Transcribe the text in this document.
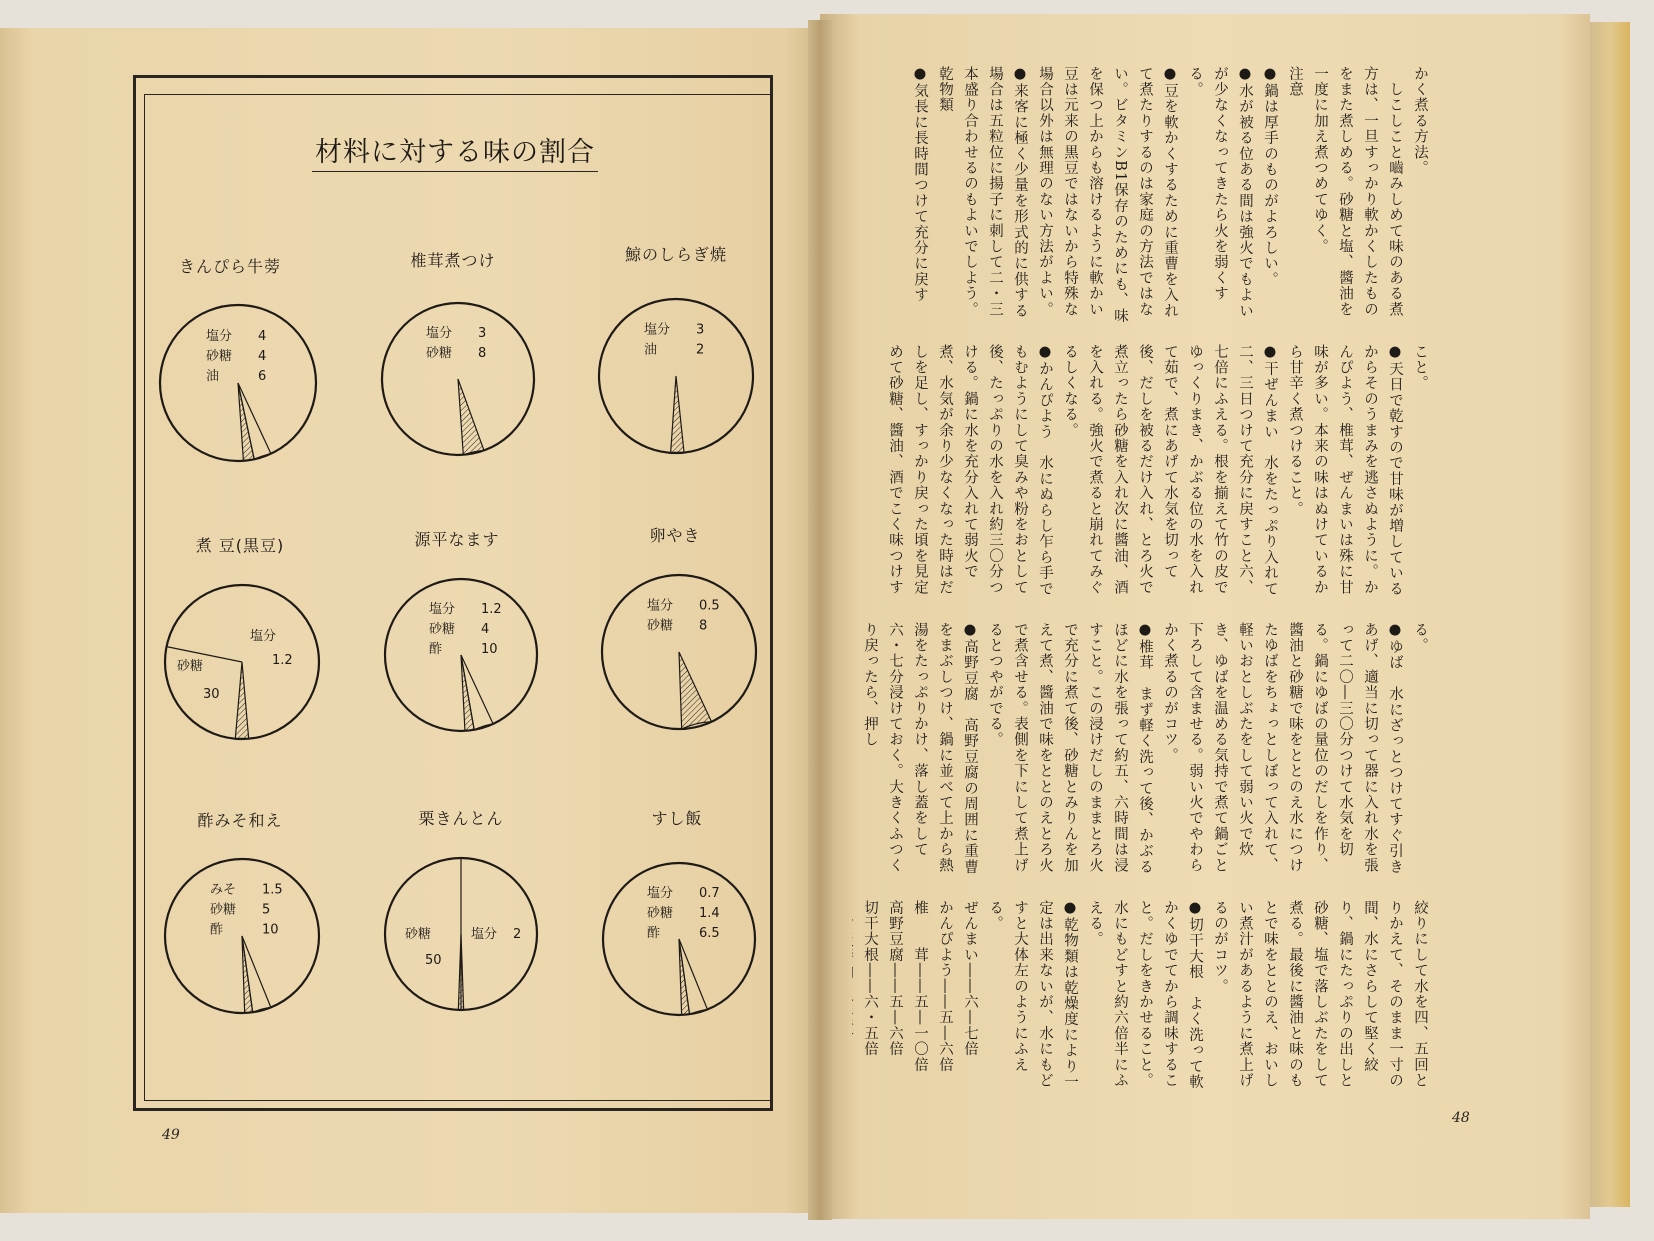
材料に対する味の割合
きんぴら牛蒡	椎茸煮つけ	鯨のしらぎ焼
煮 豆(黒豆)	源平なます	卵やき
酢みそ和え	栗きんとん	すし飯
塩分 4
砂糖 4
油	6
塩分 3
砂糖 8
塩分 3
油	2
塩分
1.2
砂糖
30
塩分 1.2
砂糖 4
酢	10
塩分 0.5
砂糖 8
みそ 1.5
砂糖 5
酢	10	砂糖
50
塩分 2
塩分 0.7
砂糖 1.4
酢	6.5
49
48
かく煮る方法。
　しこしこと嚙みしめて味のある煮方は、一旦すっかり軟かくしたものをまた煮しめる。砂糖と塩、醬油を一度に加え煮つめてゆく。
注意
●鍋は厚手のものがよろしい。
●水が被る位ある間は強火でもよいが少なくなってきたら火を弱くする。
●豆を軟かくするために重曹を入れて煮たりするのは家庭の方法ではない。ビタミンB1保存のためにも、味を保つ上からも溶けるように軟かい豆は元来の黒豆ではないから特殊な場合以外は無理のない方法がよい。
●来客に極く少量を形式的に供する場合は五粒位に揚子に刺して二・三本盛り合わせるのもよいでしよう。
乾物類
●気長に長時間つけて充分に戻す
こと。
●天日で乾すので甘味が増しているからそのうまみを逃さぬように。かんぴよう、椎茸、ぜんまいは殊に甘味が多い。本来の味はぬけているから甘辛く煮つけること。
●干ぜんまい　水をたっぷり入れて二、三日つけて充分に戻すこと六、七倍にふえる。根を揃えて竹の皮でゆっくりまき、かぶる位の水を入れて茹で、煮にあげて水気を切って後、だしを被るだけ入れ、とろ火で煮立ったら砂糖を入れ次に醬油、酒を入れる。強火で煮ると崩れてみぐるしくなる。
●かんぴよう　水にぬらし乍ら手でもむようにして臭みや粉をおとして後、たっぷりの水を入れ約三〇分つける。鍋に水を充分入れて弱火で煮、水気が余り少なくなった時はだしを足し、すっかり戻った頃を見定めて砂糖、醬油、酒でこく味つけす
る。
●ゆば　水にざっとつけてすぐ引きあげ、適当に切って器に入れ水を張って二〇―三〇分つけて水気を切る。鍋にゆばの量位のだしを作り、醬油と砂糖で味をととのえ水につけたゆばをちょっとしぼって入れて、軽いおとしぶたをして弱い火で炊き、ゆばを温める気持で煮て鍋ごと下ろして含ませる。弱い火でやわらかく煮るのがコツ。
●椎茸　まず軽く洗って後、かぶるほどに水を張って約五、六時間は浸すこと。この浸けだしのままとろ火で充分に煮て後、砂糖とみりんを加えて煮、醬油で味をととのえとろ火で煮含せる。表側を下にして煮上げるとつやがでる。
●高野豆腐　高野豆腐の周囲に重曹をまぶしつけ、鍋に並べて上から熱湯をたっぷりかけ、落し蓋をして六・七分浸けておく。大きくふつくり戻ったら、押し
絞りにして水を四、五回とりかえて、そのまま一寸の間、水にさらして堅く絞り、鍋にたっぷりの出しと砂糖、塩で落しぶたをして煮る。最後に醬油と味のもとで味をととのえ、おいしい煮汁があるように煮上げるのがコツ。
●切干大根　よく洗って軟かくゆでてから調味すること。だしをきかせること。水にもどすと約六倍半にふえる。
●乾物類は乾燥度により一定は出来ないが、水にもどすと大体左のようにふえる。
ぜんまい――六―七倍
かんぴよう――五―六倍
椎　　茸――五―一〇倍
高野豆腐――五―六倍
切干大根――六・五倍
